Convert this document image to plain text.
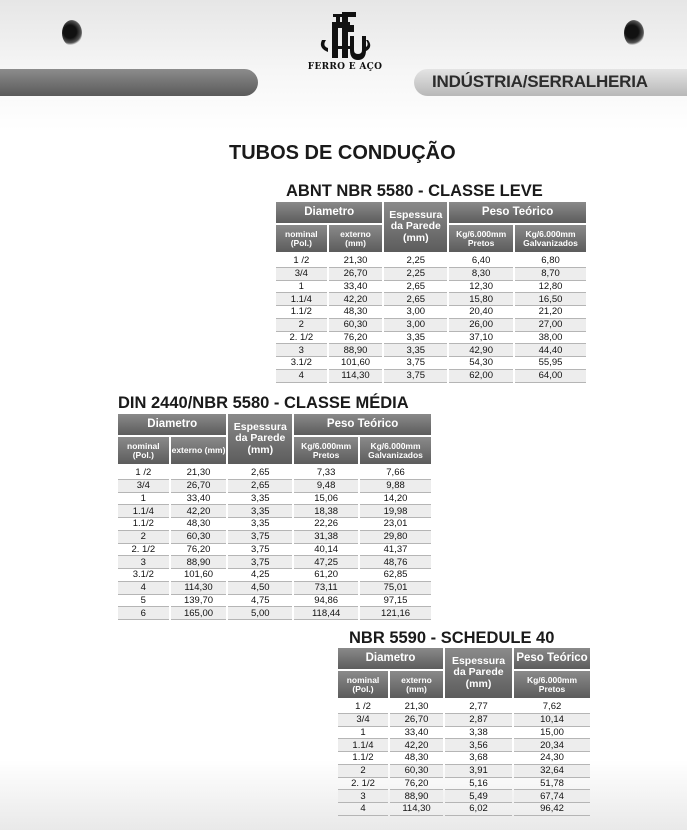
FERRO E AÇO
INDÚSTRIA/SERRALHERIA
TUBOS DE CONDUÇÃO
ABNT NBR 5580 - CLASSE LEVE
Diametro		Espessura da Parede (mm)	Peso Teórico	
nominal (Pol.)	externo (mm)		Kg/6.000mm Pretos	Kg/6.000mm Galvanizados
1 /2	21,30	2,25	6,40	6,80
3/4	26,70	2,25	8,30	8,70
1	33,40	2,65	12,30	12,80
1.1/4	42,20	2,65	15,80	16,50
1.1/2	48,30	3,00	20,40	21,20
2	60,30	3,00	26,00	27,00
2. 1/2	76,20	3,35	37,10	38,00
3	88,90	3,35	42,90	44,40
3.1/2	101,60	3,75	54,30	55,95
4	114,30	3,75	62,00	64,00
DIN 2440/NBR 5580 - CLASSE MÉDIA
Diametro		Espessura da Parede (mm)	Peso Teórico	
nominal (Pol.)	externo (mm)		Kg/6.000mm Pretos	Kg/6.000mm Galvanizados
1 /2	21,30	2,65	7,33	7,66
3/4	26,70	2,65	9,48	9,88
1	33,40	3,35	15,06	14,20
1.1/4	42,20	3,35	18,38	19,98
1.1/2	48,30	3,35	22,26	23,01
2	60,30	3,75	31,38	29,80
2. 1/2	76,20	3,75	40,14	41,37
3	88,90	3,75	47,25	48,76
3.1/2	101,60	4,25	61,20	62,85
4	114,30	4,50	73,11	75,01
5	139,70	4,75	94,86	97,15
6	165,00	5,00	118,44	121,16
NBR 5590 - SCHEDULE 40
Diametro		Espessura da Parede (mm)	Peso Teórico
nominal (Pol.)	externo (mm)		Kg/6.000mm Pretos
1 /2	21,30	2,77	7,62
3/4	26,70	2,87	10,14
1	33,40	3,38	15,00
1.1/4	42,20	3,56	20,34
1.1/2	48,30	3,68	24,30
2	60,30	3,91	32,64
2. 1/2	76,20	5,16	51,78
3	88,90	5,49	67,74
4	114,30	6,02	96,42
